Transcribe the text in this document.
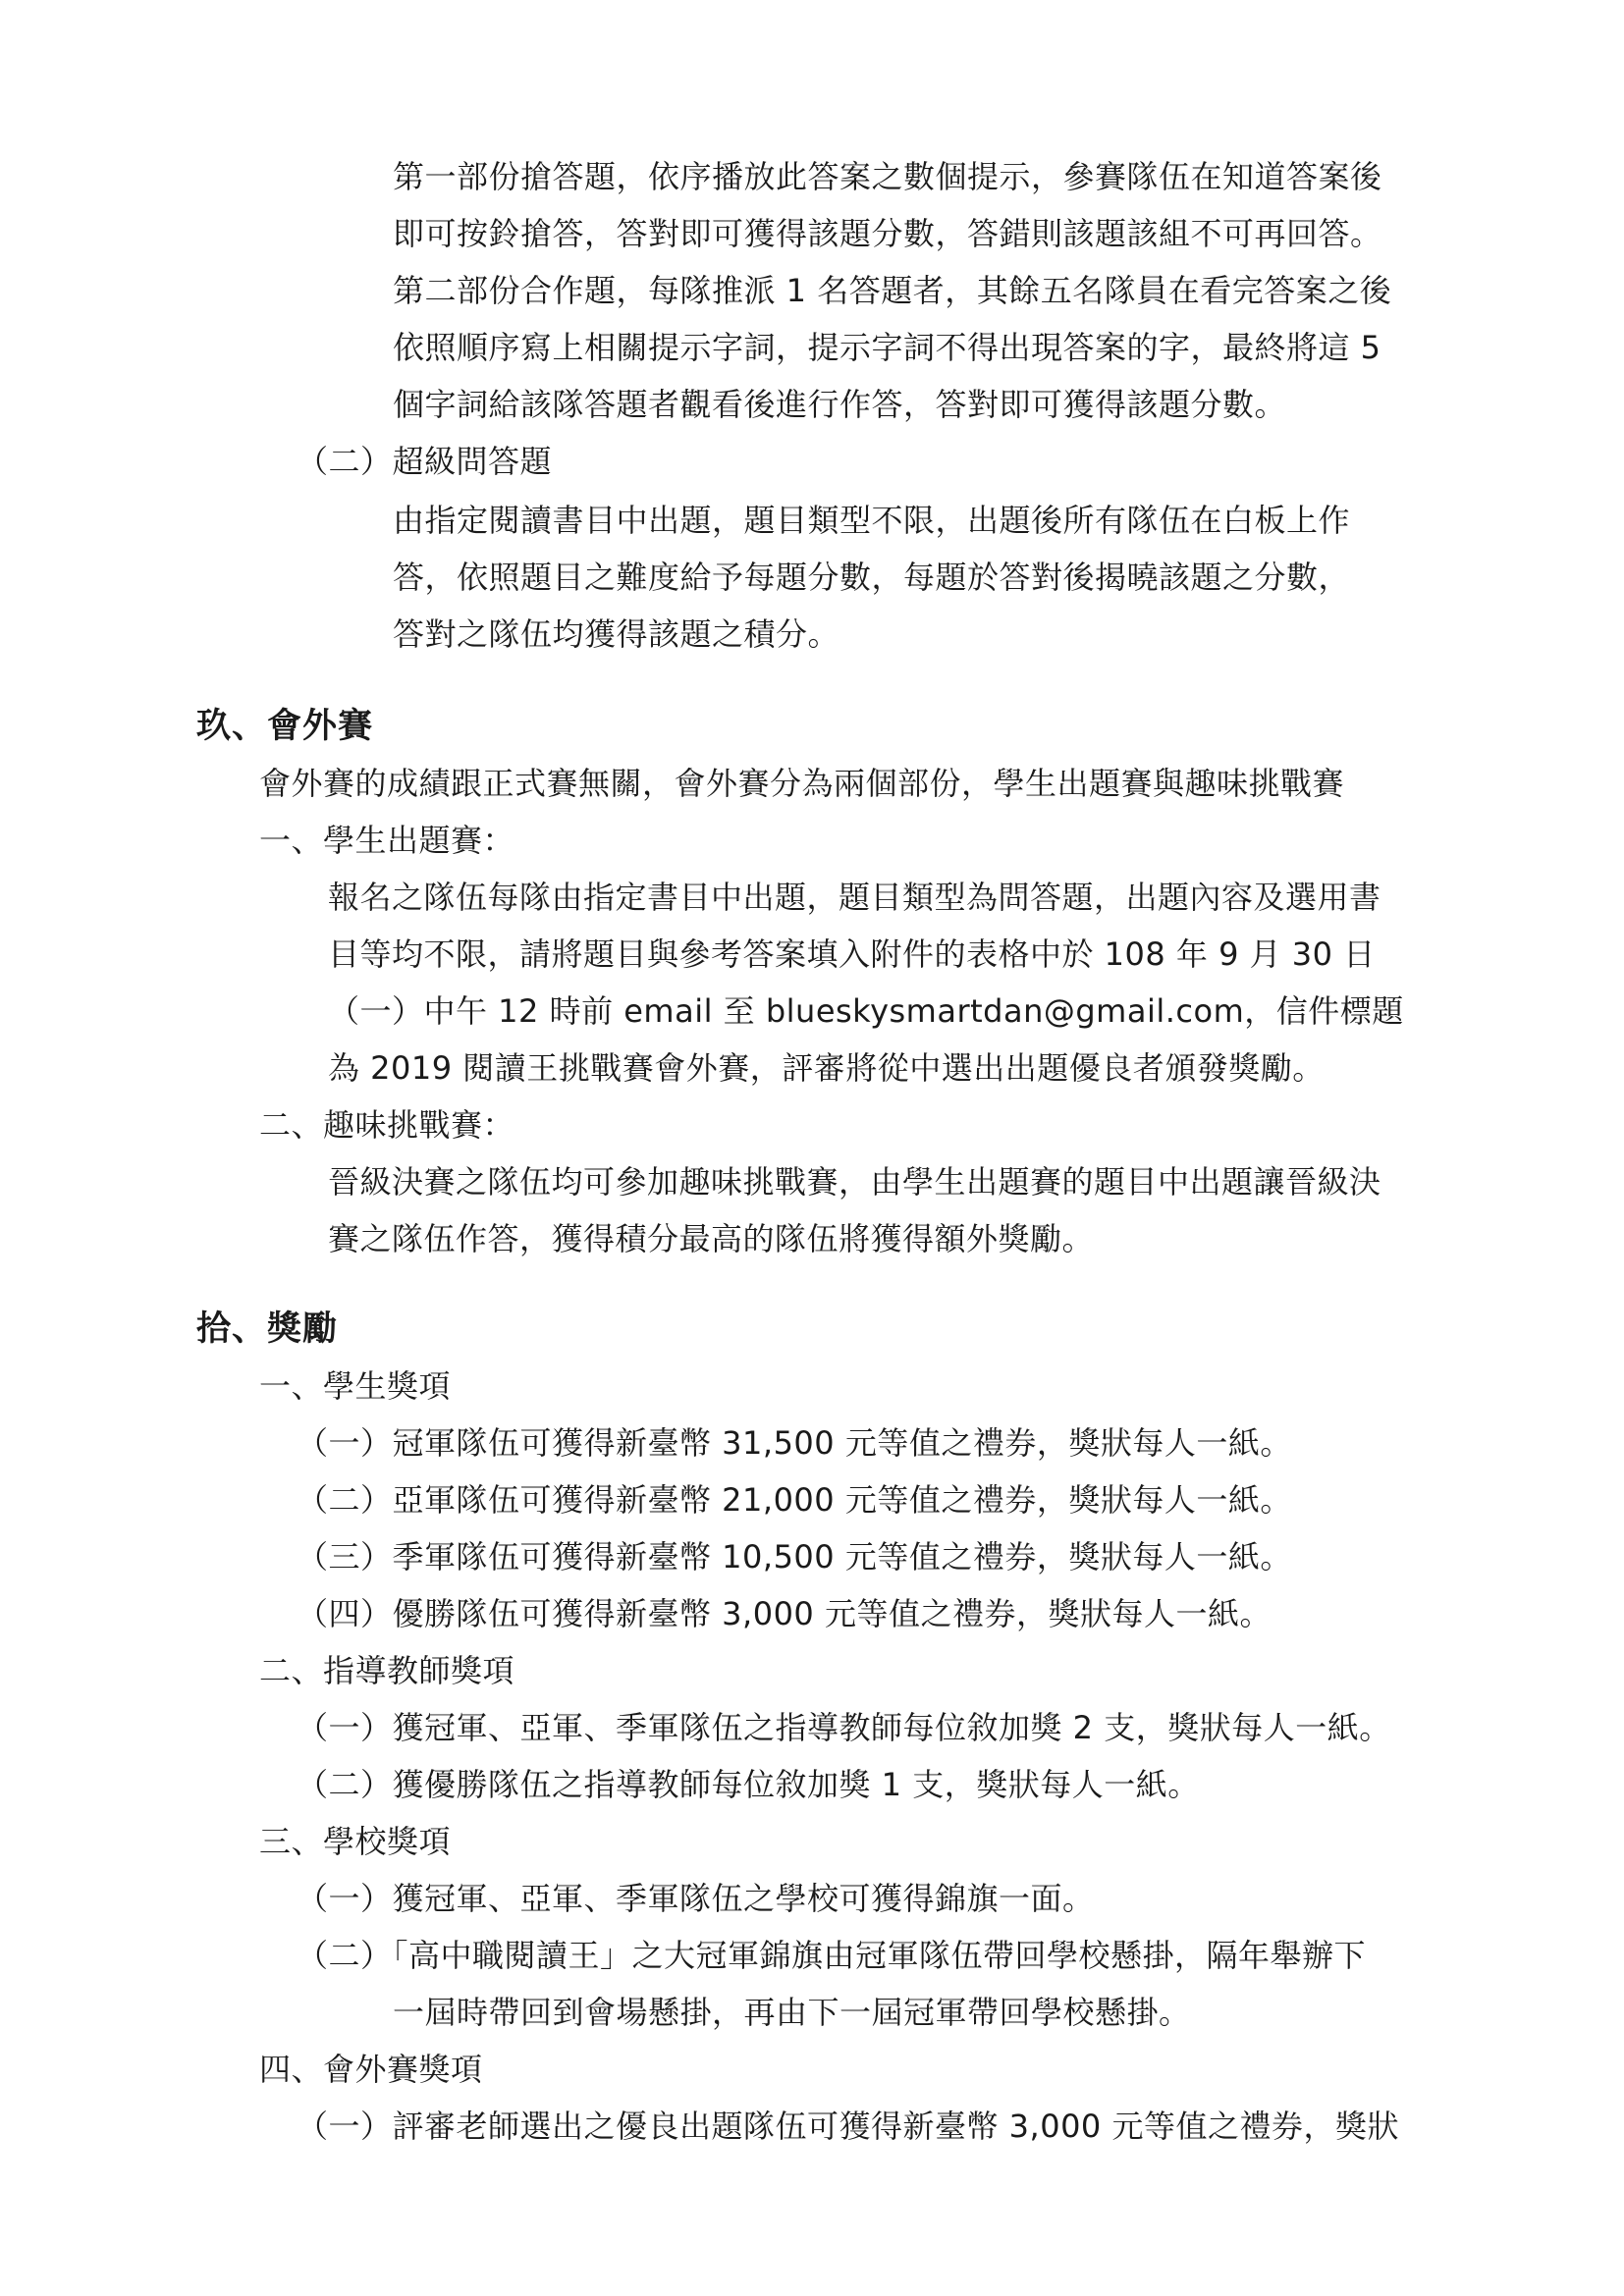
第一部份搶答題，依序播放此答案之數個提示，參賽隊伍在知道答案後
即可按鈴搶答，答對即可獲得該題分數，答錯則該題該組不可再回答。
第二部份合作題，每隊推派 1 名答題者，其餘五名隊員在看完答案之後
依照順序寫上相關提示字詞，提示字詞不得出現答案的字，最終將這 5
個字詞給該隊答題者觀看後進行作答，答對即可獲得該題分數。
（二）超級問答題
由指定閱讀書目中出題，題目類型不限，出題後所有隊伍在白板上作
答，依照題目之難度給予每題分數，每題於答對後揭曉該題之分數，
答對之隊伍均獲得該題之積分。
玖、會外賽
會外賽的成績跟正式賽無關，會外賽分為兩個部份，學生出題賽與趣味挑戰賽
一、學生出題賽：
報名之隊伍每隊由指定書目中出題，題目類型為問答題，出題內容及選用書
目等均不限，請將題目與參考答案填入附件的表格中於 108 年 9 月 30 日
（一）中午 12 時前 email 至 blueskysmartdan@gmail.com，信件標題
為 2019 閱讀王挑戰賽會外賽，評審將從中選出出題優良者頒發獎勵。
二、趣味挑戰賽：
晉級決賽之隊伍均可參加趣味挑戰賽，由學生出題賽的題目中出題讓晉級決
賽之隊伍作答，獲得積分最高的隊伍將獲得額外獎勵。
拾、獎勵
一、學生獎項
（一）冠軍隊伍可獲得新臺幣 31,500 元等值之禮券，獎狀每人一紙。
（二）亞軍隊伍可獲得新臺幣 21,000 元等值之禮券，獎狀每人一紙。
（三）季軍隊伍可獲得新臺幣 10,500 元等值之禮券，獎狀每人一紙。
（四）優勝隊伍可獲得新臺幣 3,000 元等值之禮券，獎狀每人一紙。
二、指導教師獎項
（一）獲冠軍、亞軍、季軍隊伍之指導教師每位敘加獎 2 支，獎狀每人一紙。
（二）獲優勝隊伍之指導教師每位敘加獎 1 支，獎狀每人一紙。
三、學校獎項
（一）獲冠軍、亞軍、季軍隊伍之學校可獲得錦旗一面。
（二）「高中職閱讀王」之大冠軍錦旗由冠軍隊伍帶回學校懸掛，隔年舉辦下
一屆時帶回到會場懸掛，再由下一屆冠軍帶回學校懸掛。
四、會外賽獎項
（一）評審老師選出之優良出題隊伍可獲得新臺幣 3,000 元等值之禮券，獎狀
